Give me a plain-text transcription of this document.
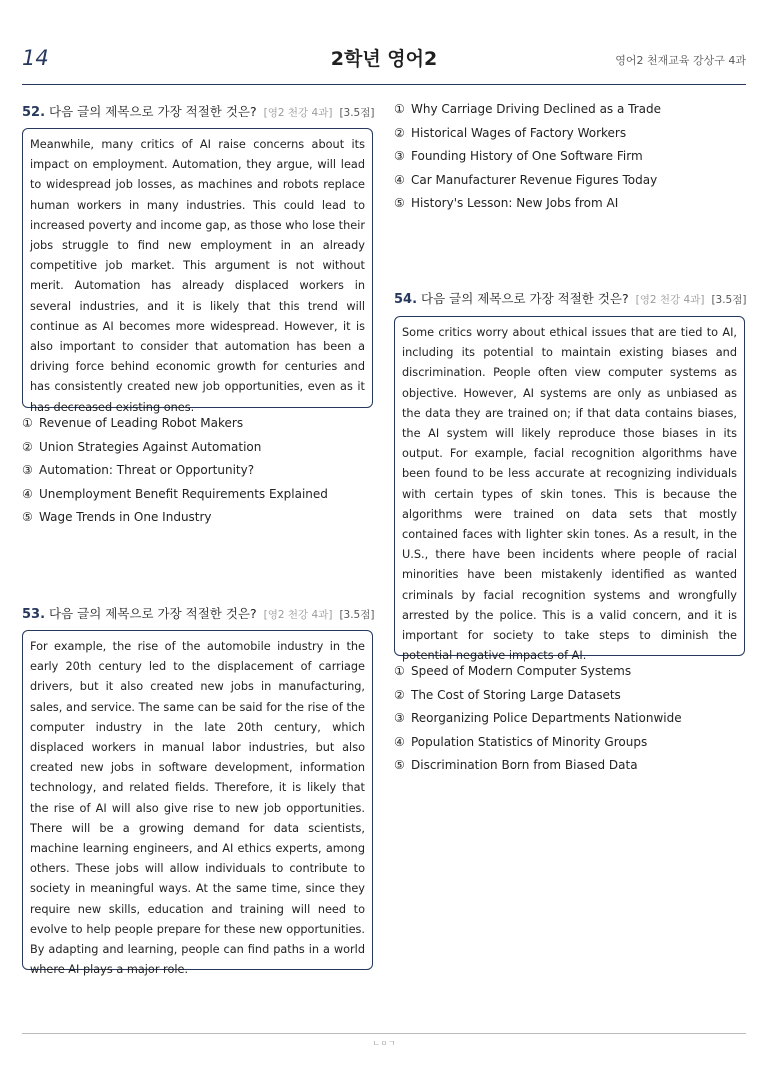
14	2학년 영어2	영어2 천재교육 강상구 4과
52. 다음 글의 제목으로 가장 적절한 것은? [영2 천강 4과] [3.5점]
Meanwhile, many critics of AI raise concerns about its impact on employment. Automation, they argue, will lead to widespread job losses, as machines and robots replace human workers in many industries. This could lead to increased poverty and income gap, as those who lose their jobs struggle to find new employment in an already competitive job market. This argument is not without merit. Automation has already displaced workers in several industries, and it is likely that this trend will continue as AI becomes more widespread. However, it is also important to consider that automation has been a driving force behind economic growth for centuries and has consistently created new job opportunities, even as it has decreased existing ones.
① Revenue of Leading Robot Makers
② Union Strategies Against Automation
③ Automation: Threat or Opportunity?
④ Unemployment Benefit Requirements Explained
⑤ Wage Trends in One Industry
53. 다음 글의 제목으로 가장 적절한 것은? [영2 천강 4과] [3.5점]
For example, the rise of the automobile industry in the early 20th century led to the displacement of carriage drivers, but it also created new jobs in manufacturing, sales, and service. The same can be said for the rise of the computer industry in the late 20th century, which displaced workers in manual labor industries, but also created new jobs in software development, information technology, and related fields. Therefore, it is likely that the rise of AI will also give rise to new job opportunities. There will be a growing demand for data scientists, machine learning engineers, and AI ethics experts, among others. These jobs will allow individuals to contribute to society in meaningful ways. At the same time, since they require new skills, education and training will need to evolve to help people prepare for these new opportunities. By adapting and learning, people can find paths in a world where AI plays a major role.
① Why Carriage Driving Declined as a Trade
② Historical Wages of Factory Workers
③ Founding History of One Software Firm
④ Car Manufacturer Revenue Figures Today
⑤ History's Lesson: New Jobs from AI
54. 다음 글의 제목으로 가장 적절한 것은? [영2 천강 4과] [3.5점]
Some critics worry about ethical issues that are tied to AI, including its potential to maintain existing biases and discrimination. People often view computer systems as objective. However, AI systems are only as unbiased as the data they are trained on; if that data contains biases, the AI system will likely reproduce those biases in its output. For example, facial recognition algorithms have been found to be less accurate at recognizing individuals with certain types of skin tones. This is because the algorithms were trained on data sets that mostly contained faces with lighter skin tones. As a result, in the U.S., there have been incidents where people of racial minorities have been mistakenly identified as wanted criminals by facial recognition systems and wrongfully arrested by the police. This is a valid concern, and it is important for society to take steps to diminish the potential negative impacts of AI.
① Speed of Modern Computer Systems
② The Cost of Storing Large Datasets
③ Reorganizing Police Departments Nationwide
④ Population Statistics of Minority Groups
⑤ Discrimination Born from Biased Data
ㄴㅇㄱ
